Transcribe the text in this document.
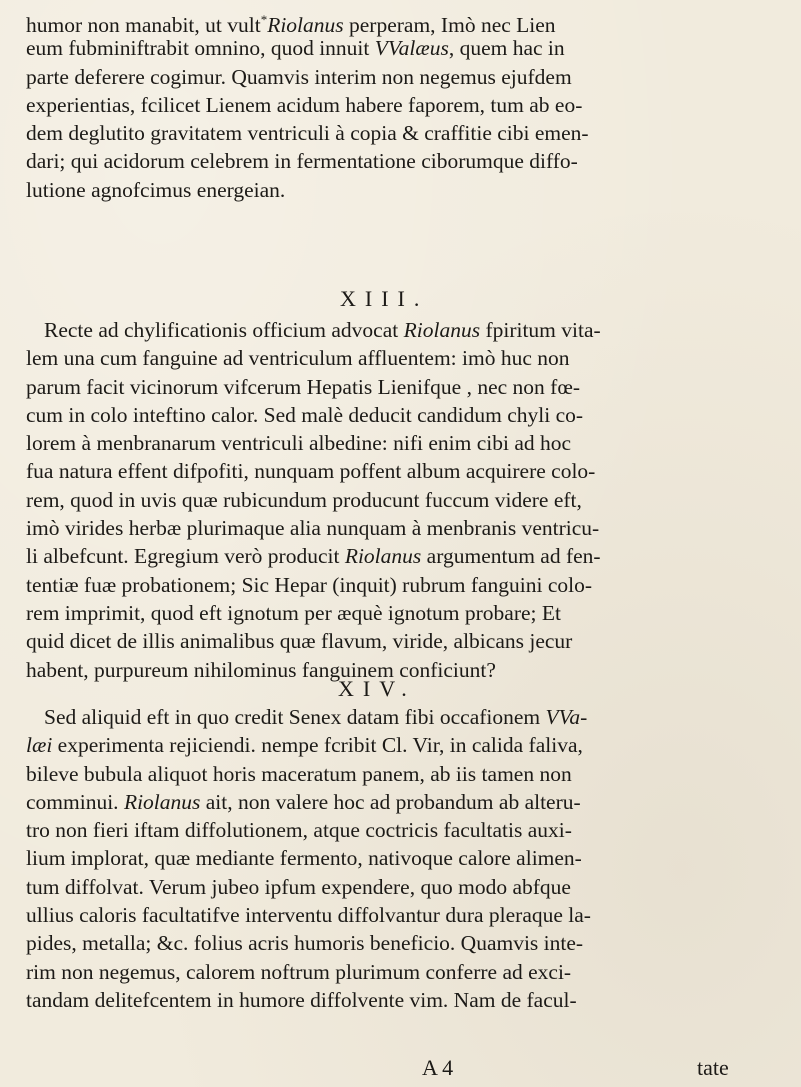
humor non manabit, ut vult*Riolanus perperam, Imò nec Lien
eum fubminiftrabit omnino, quod innuit VValæus, quem hac in
parte deferere cogimur. Quamvis interim non negemus ejufdem
experientias, fcilicet Lienem acidum habere faporem, tum ab eo-
dem deglutito gravitatem ventriculi à copia & craffitie cibi emen-
dari; qui acidorum celebrem in fermentatione ciborumque diffo-
lutione agnofcimus energeian.
XIII.
Recte ad chylificationis officium advocat Riolanus fpiritum vita-
lem una cum fanguine ad ventriculum affluentem: imò huc non
parum facit vicinorum vifcerum Hepatis Lienifque , nec non fœ-
cum in colo inteftino calor. Sed malè deducit candidum chyli co-
lorem à menbranarum ventriculi albedine: nifi enim cibi ad hoc
fua natura effent difpofiti, nunquam poffent album acquirere colo-
rem, quod in uvis quæ rubicundum producunt fuccum videre eft,
imò virides herbæ plurimaque alia nunquam à menbranis ventricu-
li albefcunt. Egregium verò producit Riolanus argumentum ad fen-
tentiæ fuæ probationem; Sic Hepar (inquit) rubrum fanguini colo-
rem imprimit, quod eft ignotum per æquè ignotum probare; Et
quid dicet de illis animalibus quæ flavum, viride, albicans jecur
habent, purpureum nihilominus fanguinem conficiunt?
XIV.
Sed aliquid eft in quo credit Senex datam fibi occafionem VVa-
læi experimenta rejiciendi. nempe fcribit Cl. Vir, in calida faliva,
bileve bubula aliquot horis maceratum panem, ab iis tamen non
comminui. Riolanus ait, non valere hoc ad probandum ab alteru-
tro non fieri iftam diffolutionem, atque coctricis facultatis auxi-
lium implorat, quæ mediante fermento, nativoque calore alimen-
tum diffolvat. Verum jubeo ipfum expendere, quo modo abfque
ullius caloris facultatifve interventu diffolvantur dura pleraque la-
pides, metalla; &c. folius acris humoris beneficio. Quamvis inte-
rim non negemus, calorem noftrum plurimum conferre ad exci-
tandam delitefcentem in humore diffolvente vim. Nam de facul-
A 4	tate
